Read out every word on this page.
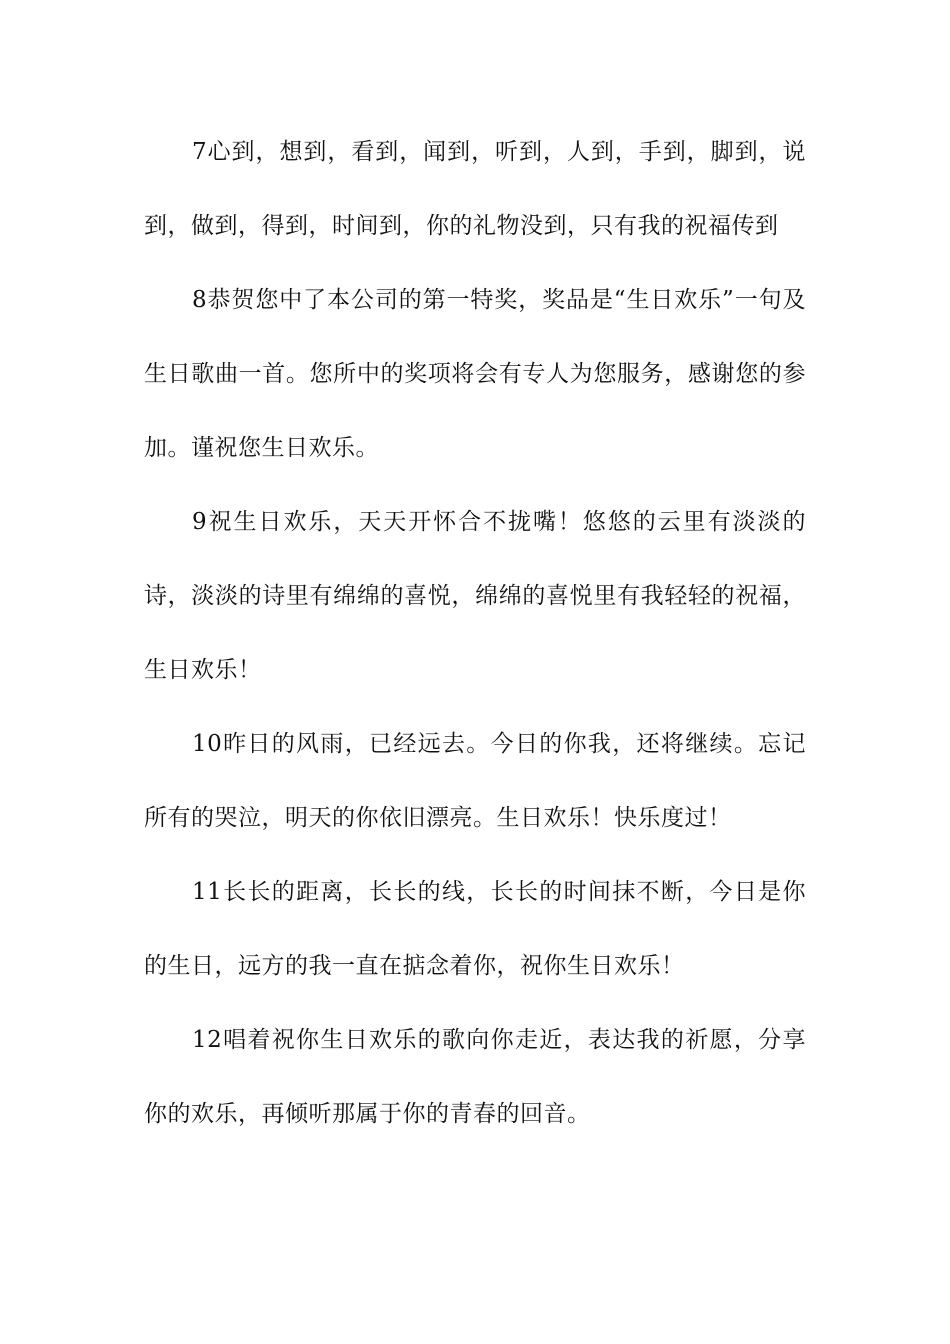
7心到，想到，看到，闻到，听到，人到，手到，脚到，说到，做到，得到，时间到，你的礼物没到，只有我的祝福传到

8恭贺您中了本公司的第一特奖，奖品是“生日欢乐”一句及生日歌曲一首。您所中的奖项将会有专人为您服务，感谢您的参加。谨祝您生日欢乐。

9祝生日欢乐，天天开怀合不拢嘴！悠悠的云里有淡淡的诗，淡淡的诗里有绵绵的喜悦，绵绵的喜悦里有我轻轻的祝福，生日欢乐！

10昨日的风雨，已经远去。今日的你我，还将继续。忘记所有的哭泣，明天的你依旧漂亮。生日欢乐！快乐度过！

11长长的距离，长长的线，长长的时间抹不断，今日是你的生日，远方的我一直在掂念着你，祝你生日欢乐！

12唱着祝你生日欢乐的歌向你走近，表达我的祈愿，分享你的欢乐，再倾听那属于你的青春的回音。
